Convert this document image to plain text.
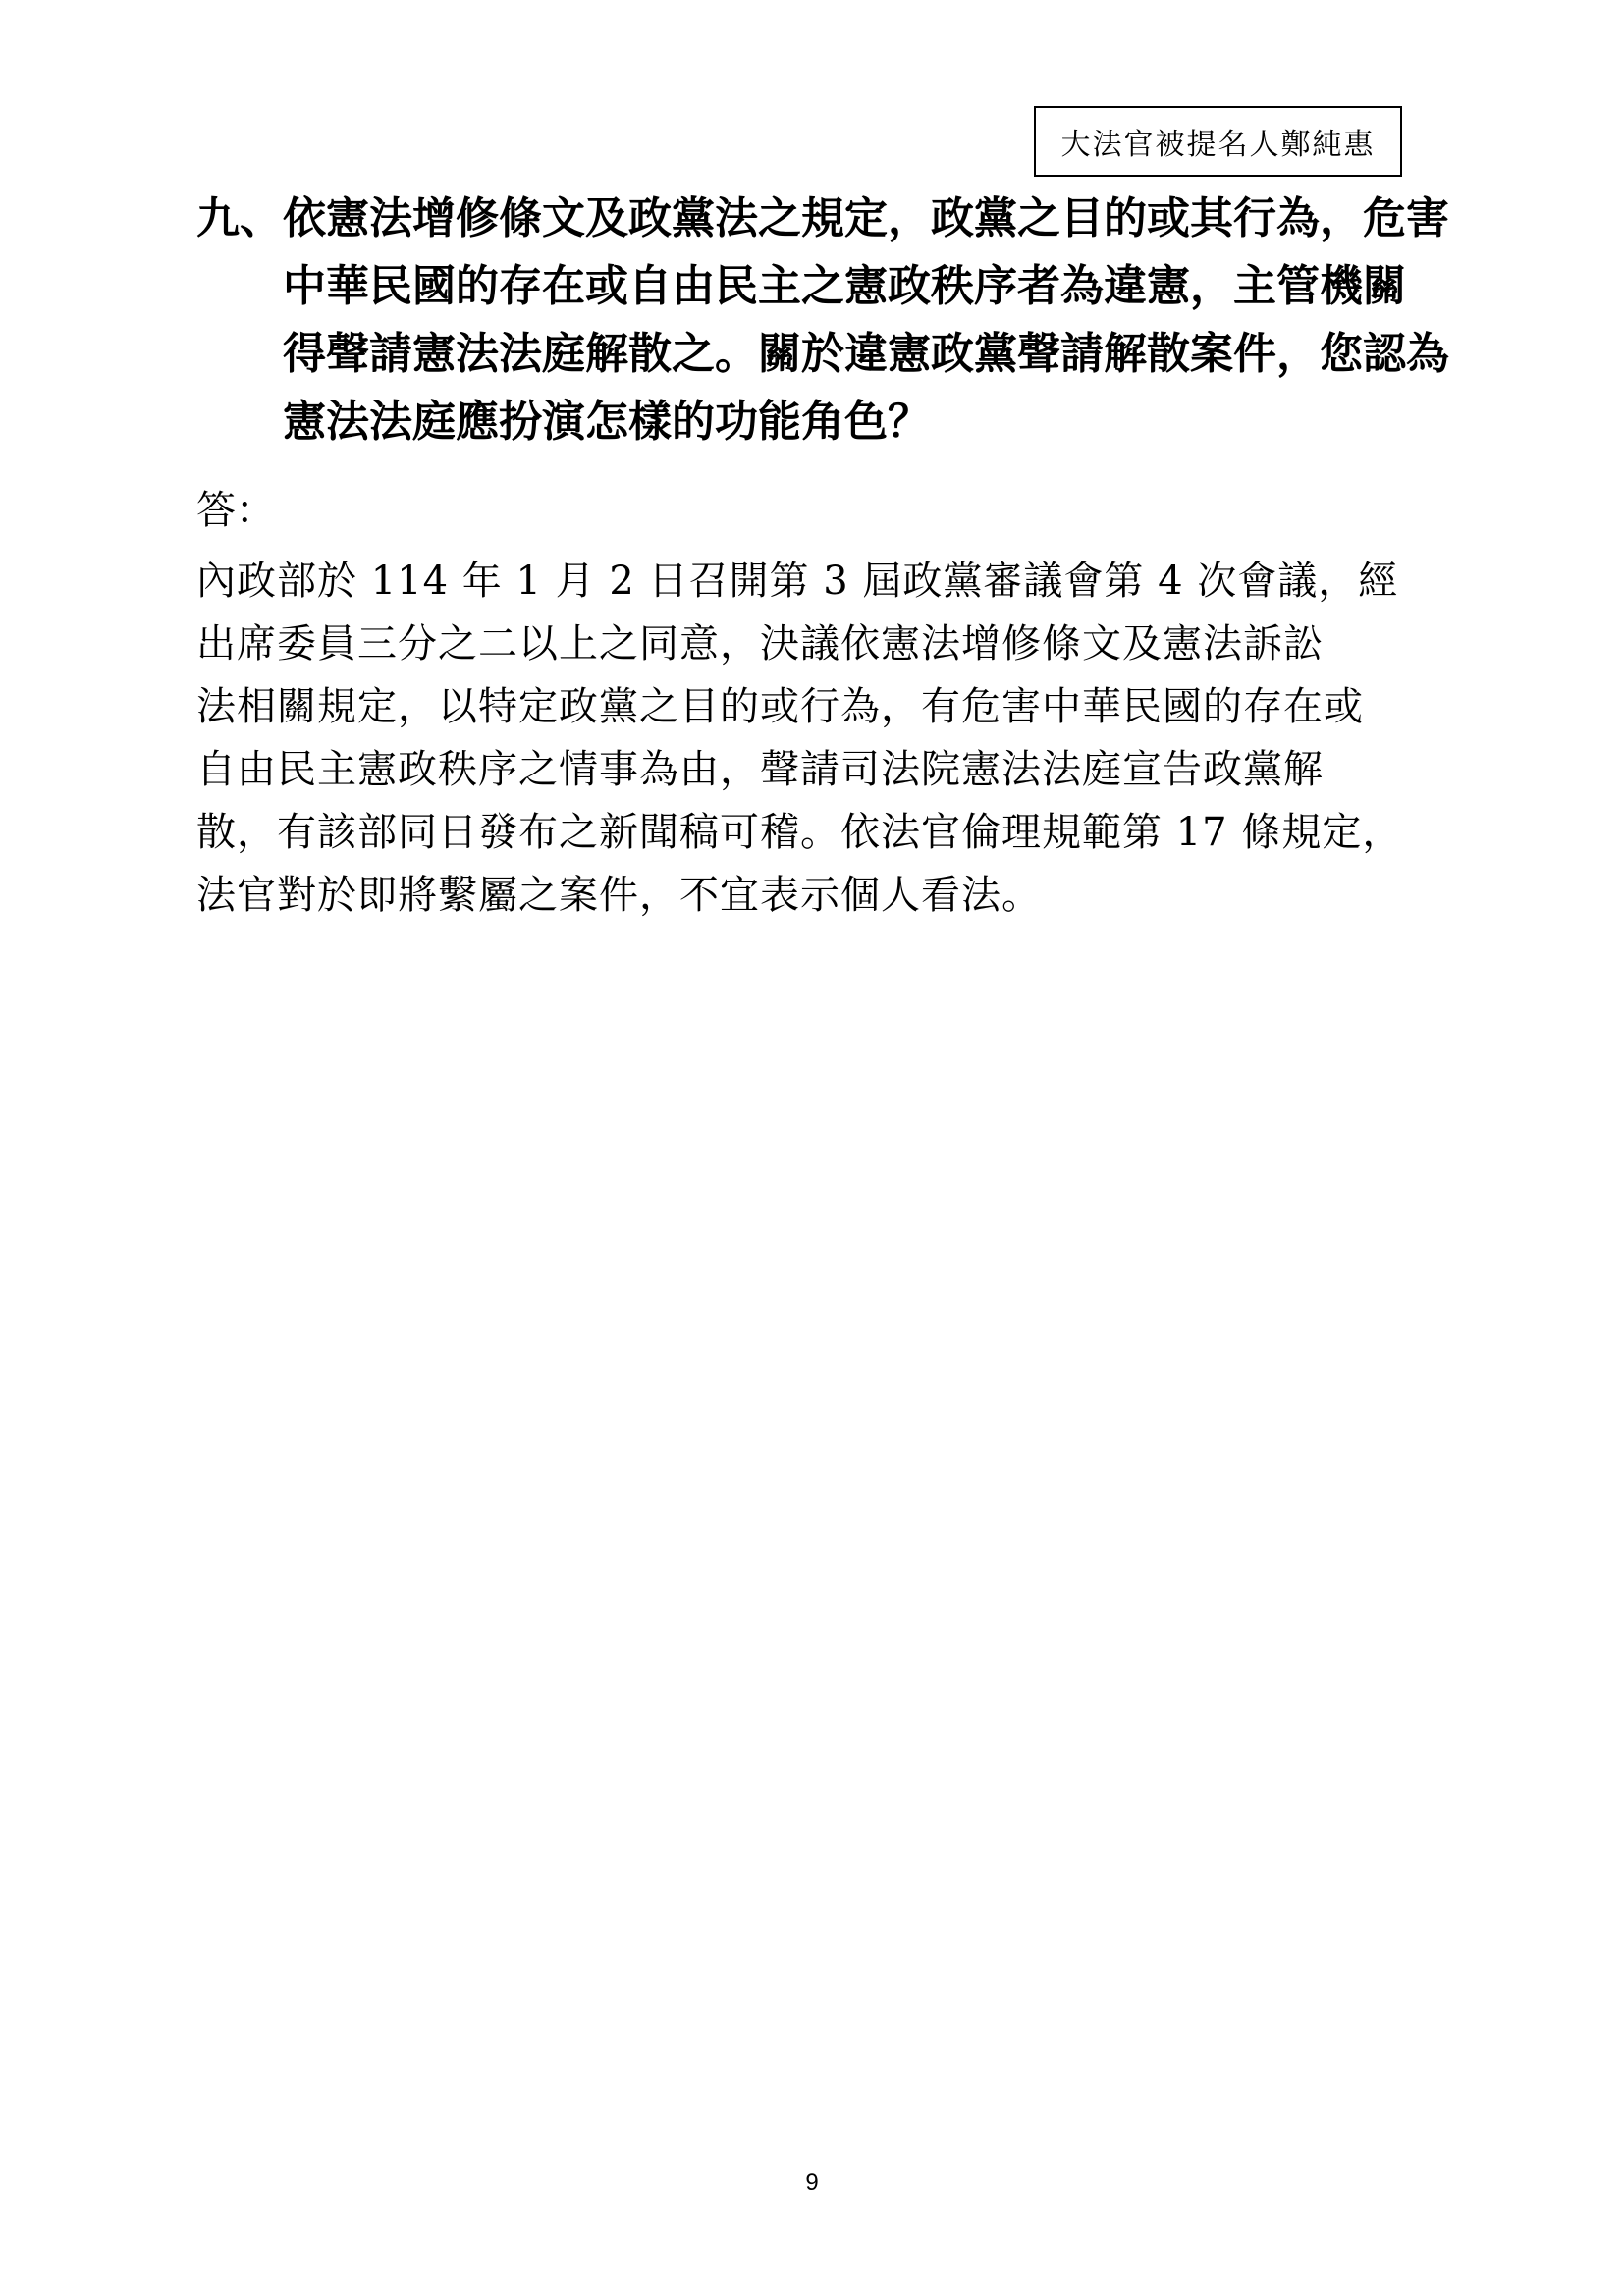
大法官被提名人鄭純惠
九、依憲法增修條文及政黨法之規定，政黨之目的或其行為，危害
中華民國的存在或自由民主之憲政秩序者為違憲，主管機關
得聲請憲法法庭解散之。關於違憲政黨聲請解散案件，您認為
憲法法庭應扮演怎樣的功能角色？
答：
內政部於 114 年 1 月 2 日召開第 3 屆政黨審議會第 4 次會議，經
出席委員三分之二以上之同意，決議依憲法增修條文及憲法訴訟
法相關規定，以特定政黨之目的或行為，有危害中華民國的存在或
自由民主憲政秩序之情事為由，聲請司法院憲法法庭宣告政黨解
散，有該部同日發布之新聞稿可稽。依法官倫理規範第 17 條規定，
法官對於即將繫屬之案件，不宜表示個人看法。
9
